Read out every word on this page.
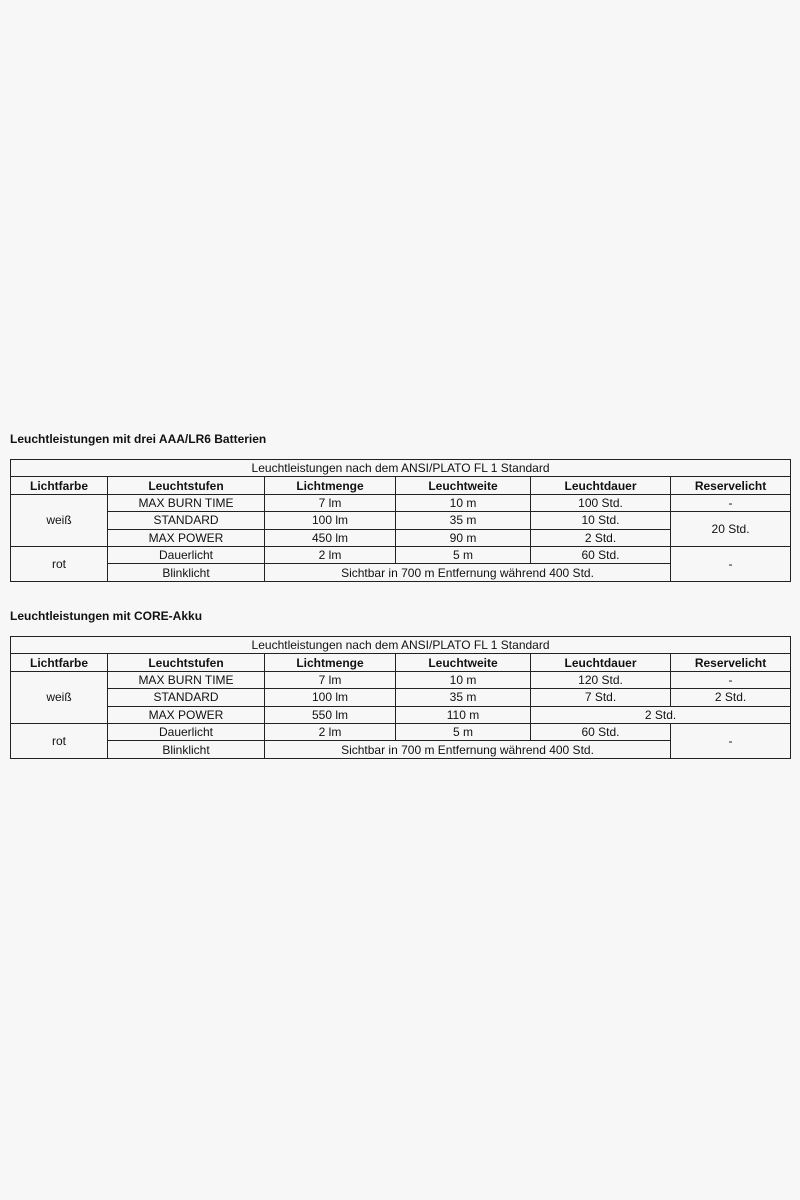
Leuchtleistungen mit drei AAA/LR6 Batterien
Leuchtleistungen nach dem ANSI/PLATO FL 1 Standard					
Lichtfarbe	Leuchtstufen	Lichtmenge	Leuchtweite	Leuchtdauer	Reservelicht
weiß	MAX BURN TIME	7 lm	10 m	100 Std.	-
	STANDARD	100 lm	35 m	10 Std.	20 Std.
	MAX POWER	450 lm	90 m	2 Std.	
rot	Dauerlicht	2 lm	5 m	60 Std.	-
	Blinklicht	Sichtbar in 700 m Entfernung während 400 Std.			
Leuchtleistungen mit CORE-Akku
Leuchtleistungen nach dem ANSI/PLATO FL 1 Standard					
Lichtfarbe	Leuchtstufen	Lichtmenge	Leuchtweite	Leuchtdauer	Reservelicht
weiß	MAX BURN TIME	7 lm	10 m	120 Std.	-
	STANDARD	100 lm	35 m	7 Std.	2 Std.
	MAX POWER	550 lm	110 m	2 Std.	
rot	Dauerlicht	2 lm	5 m	60 Std.	-
	Blinklicht	Sichtbar in 700 m Entfernung während 400 Std.			
